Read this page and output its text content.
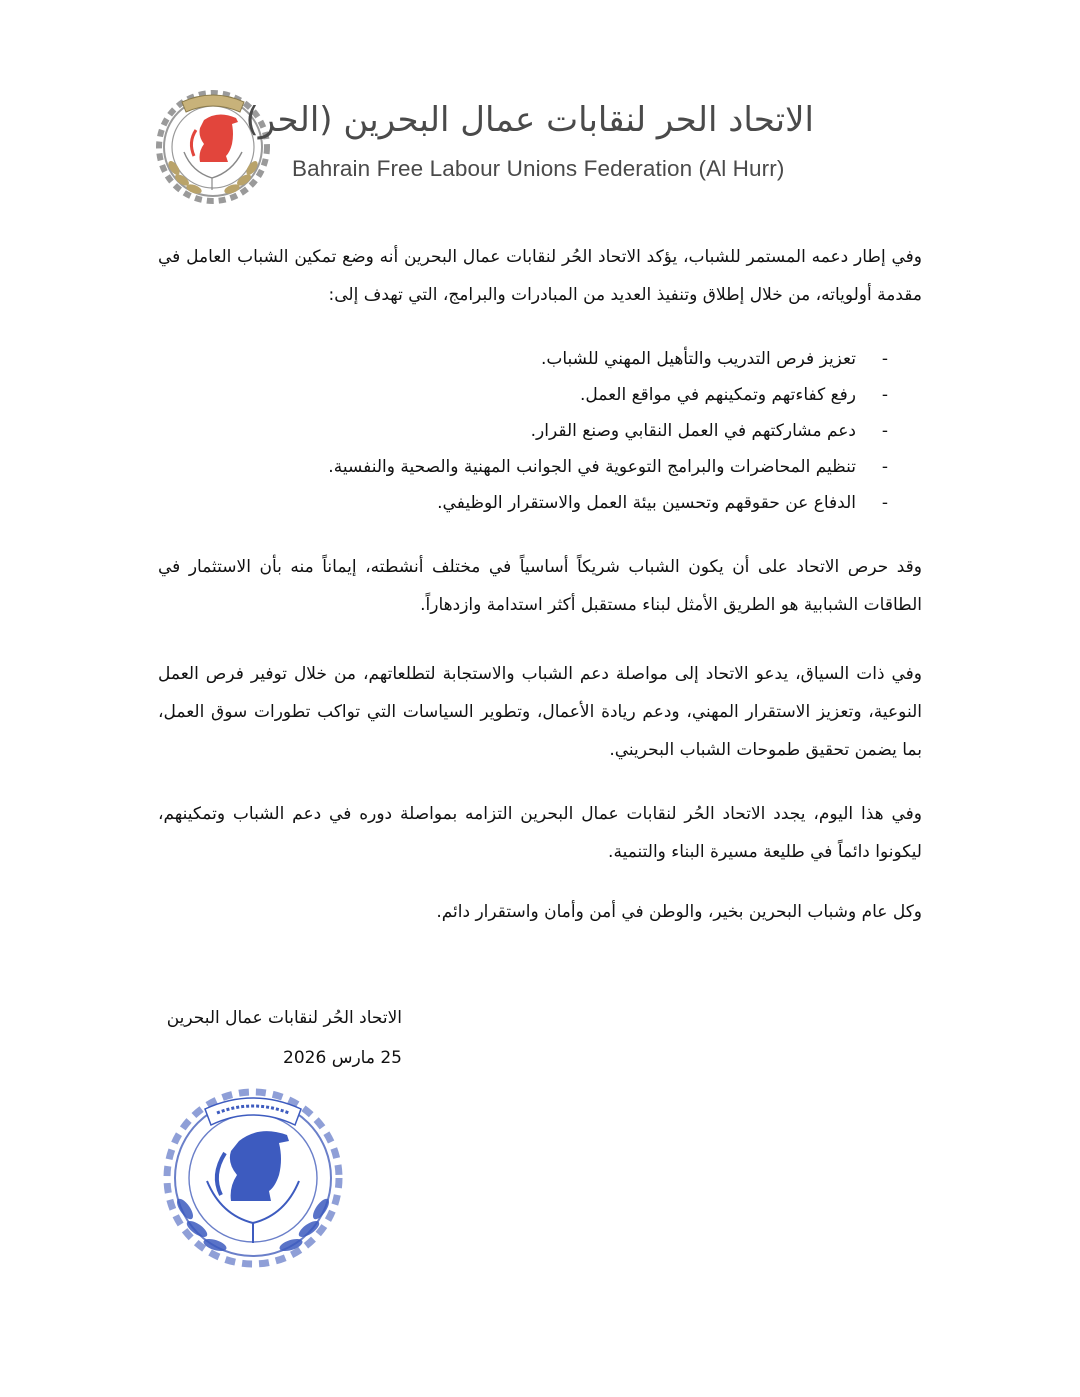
الاتحاد الحر لنقابات عمال البحرين (الحر)
Bahrain Free Labour Unions Federation (Al Hurr)

وفي إطار دعمه المستمر للشباب، يؤكد الاتحاد الحُر لنقابات عمال البحرين أنه وضع تمكين الشباب العامل في مقدمة أولوياته، من خلال إطلاق وتنفيذ العديد من المبادرات والبرامج، التي تهدف إلى:

-
تعزيز فرص التدريب والتأهيل المهني للشباب.
-
رفع كفاءتهم وتمكينهم في مواقع العمل.
-
دعم مشاركتهم في العمل النقابي وصنع القرار.
-
تنظيم المحاضرات والبرامج التوعوية في الجوانب المهنية والصحية والنفسية.
-
الدفاع عن حقوقهم وتحسين بيئة العمل والاستقرار الوظيفي.

وقد حرص الاتحاد على أن يكون الشباب شريكاً أساسياً في مختلف أنشطته، إيماناً منه بأن الاستثمار في الطاقات الشبابية هو الطريق الأمثل لبناء مستقبل أكثر استدامة وازدهاراً.

وفي ذات السياق، يدعو الاتحاد إلى مواصلة دعم الشباب والاستجابة لتطلعاتهم، من خلال توفير فرص العمل النوعية، وتعزيز الاستقرار المهني، ودعم ريادة الأعمال، وتطوير السياسات التي تواكب تطورات سوق العمل، بما يضمن تحقيق طموحات الشباب البحريني.

وفي هذا اليوم، يجدد الاتحاد الحُر لنقابات عمال البحرين التزامه بمواصلة دوره في دعم الشباب وتمكينهم، ليكونوا دائماً في طليعة مسيرة البناء والتنمية.

وكل عام وشباب البحرين بخير، والوطن في أمن وأمان واستقرار دائم.

الاتحاد الحُر لنقابات عمال البحرين
25 مارس 2026
